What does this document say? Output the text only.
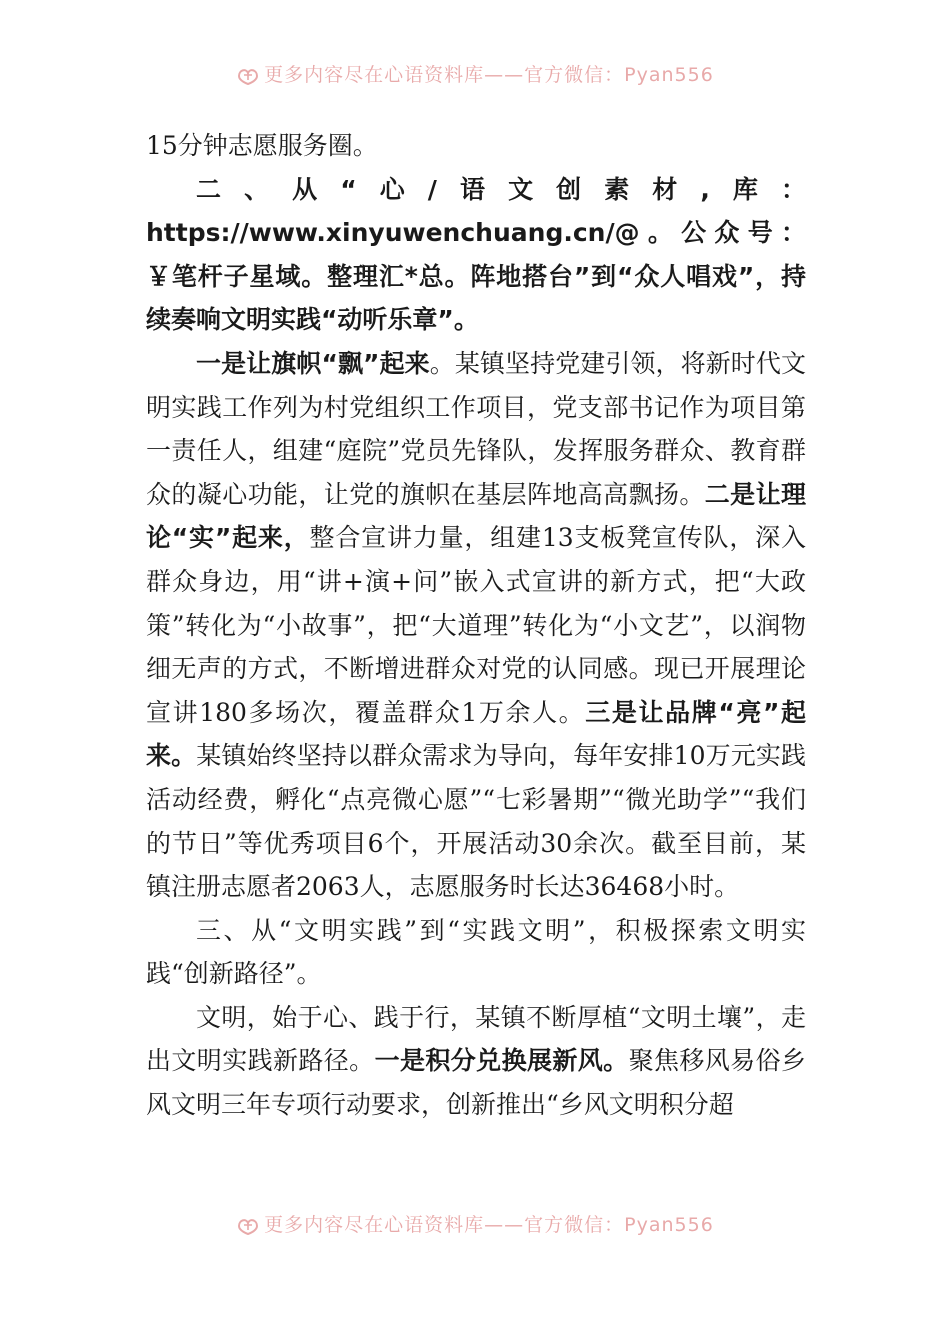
更多内容尽在心语资料库——官方微信：Pyan556

15分钟志愿服务圈。

二、从“心/语文创素材,库：https://www.xinyuwenchuang.cn/@。公众号：￥笔杆子星域。整理汇*总。阵地搭台”到“众人唱戏”，持续奏响文明实践“动听乐章”。

一是让旗帜“飘”起来。某镇坚持党建引领，将新时代文明实践工作列为村党组织工作项目，党支部书记作为项目第一责任人，组建“庭院”党员先锋队，发挥服务群众、教育群众的凝心功能，让党的旗帜在基层阵地高高飘扬。二是让理论“实”起来，整合宣讲力量，组建13支板凳宣传队，深入群众身边，用“讲+演+问”嵌入式宣讲的新方式，把“大政策”转化为“小故事”，把“大道理”转化为“小文艺”，以润物细无声的方式，不断增进群众对党的认同感。现已开展理论宣讲180多场次，覆盖群众1万余人。三是让品牌“亮”起来。某镇始终坚持以群众需求为导向，每年安排10万元实践活动经费，孵化“点亮微心愿”“七彩暑期”“微光助学”“我们的节日”等优秀项目6个，开展活动30余次。截至目前，某镇注册志愿者2063人，志愿服务时长达36468小时。

三、从“文明实践”到“实践文明”，积极探索文明实践“创新路径”。

文明，始于心、践于行，某镇不断厚植“文明土壤”，走出文明实践新路径。一是积分兑换展新风。聚焦移风易俗乡风文明三年专项行动要求，创新推出“乡风文明积分超

更多内容尽在心语资料库——官方微信：Pyan556
